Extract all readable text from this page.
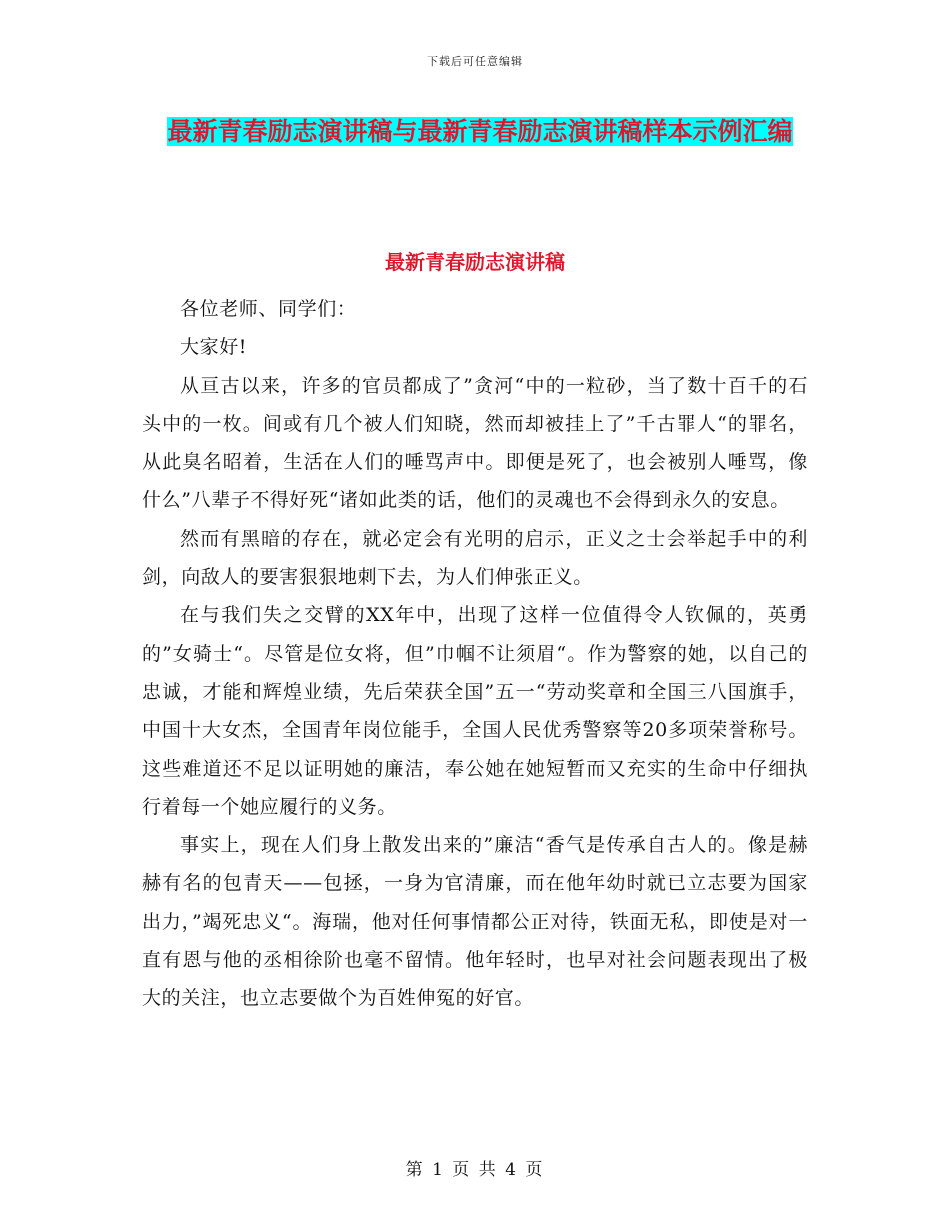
下载后可任意编辑
最新青春励志演讲稿与最新青春励志演讲稿样本示例汇编
最新青春励志演讲稿

各位老师、同学们：

大家好!

从亘古以来，许多的官员都成了”贪河“中的一粒砂，当了数十百千的石头中的一枚。间或有几个被人们知晓，然而却被挂上了”千古罪人“的罪名，从此臭名昭着，生活在人们的唾骂声中。即便是死了，也会被别人唾骂，像什么”八辈子不得好死“诸如此类的话，他们的灵魂也不会得到永久的安息。

然而有黑暗的存在，就必定会有光明的启示，正义之士会举起手中的利剑，向敌人的要害狠狠地刺下去，为人们伸张正义。

在与我们失之交臂的XX年中，出现了这样一位值得令人钦佩的，英勇的”女骑士“。尽管是位女将，但”巾帼不让须眉“。作为警察的她，以自己的忠诚，才能和辉煌业绩，先后荣获全国”五一“劳动奖章和全国三八国旗手，中国十大女杰，全国青年岗位能手，全国人民优秀警察等20多项荣誉称号。这些难道还不足以证明她的廉洁，奉公她在她短暂而又充实的生命中仔细执行着每一个她应履行的义务。

事实上，现在人们身上散发出来的”廉洁“香气是传承自古人的。像是赫赫有名的包青天——包拯，一身为官清廉，而在他年幼时就已立志要为国家出力，”竭死忠义“。海瑞，他对任何事情都公正对待，铁面无私，即使是对一直有恩与他的丞相徐阶也毫不留情。他年轻时，也早对社会问题表现出了极大的关注，也立志要做个为百姓伸冤的好官。

第 1 页 共 4 页
